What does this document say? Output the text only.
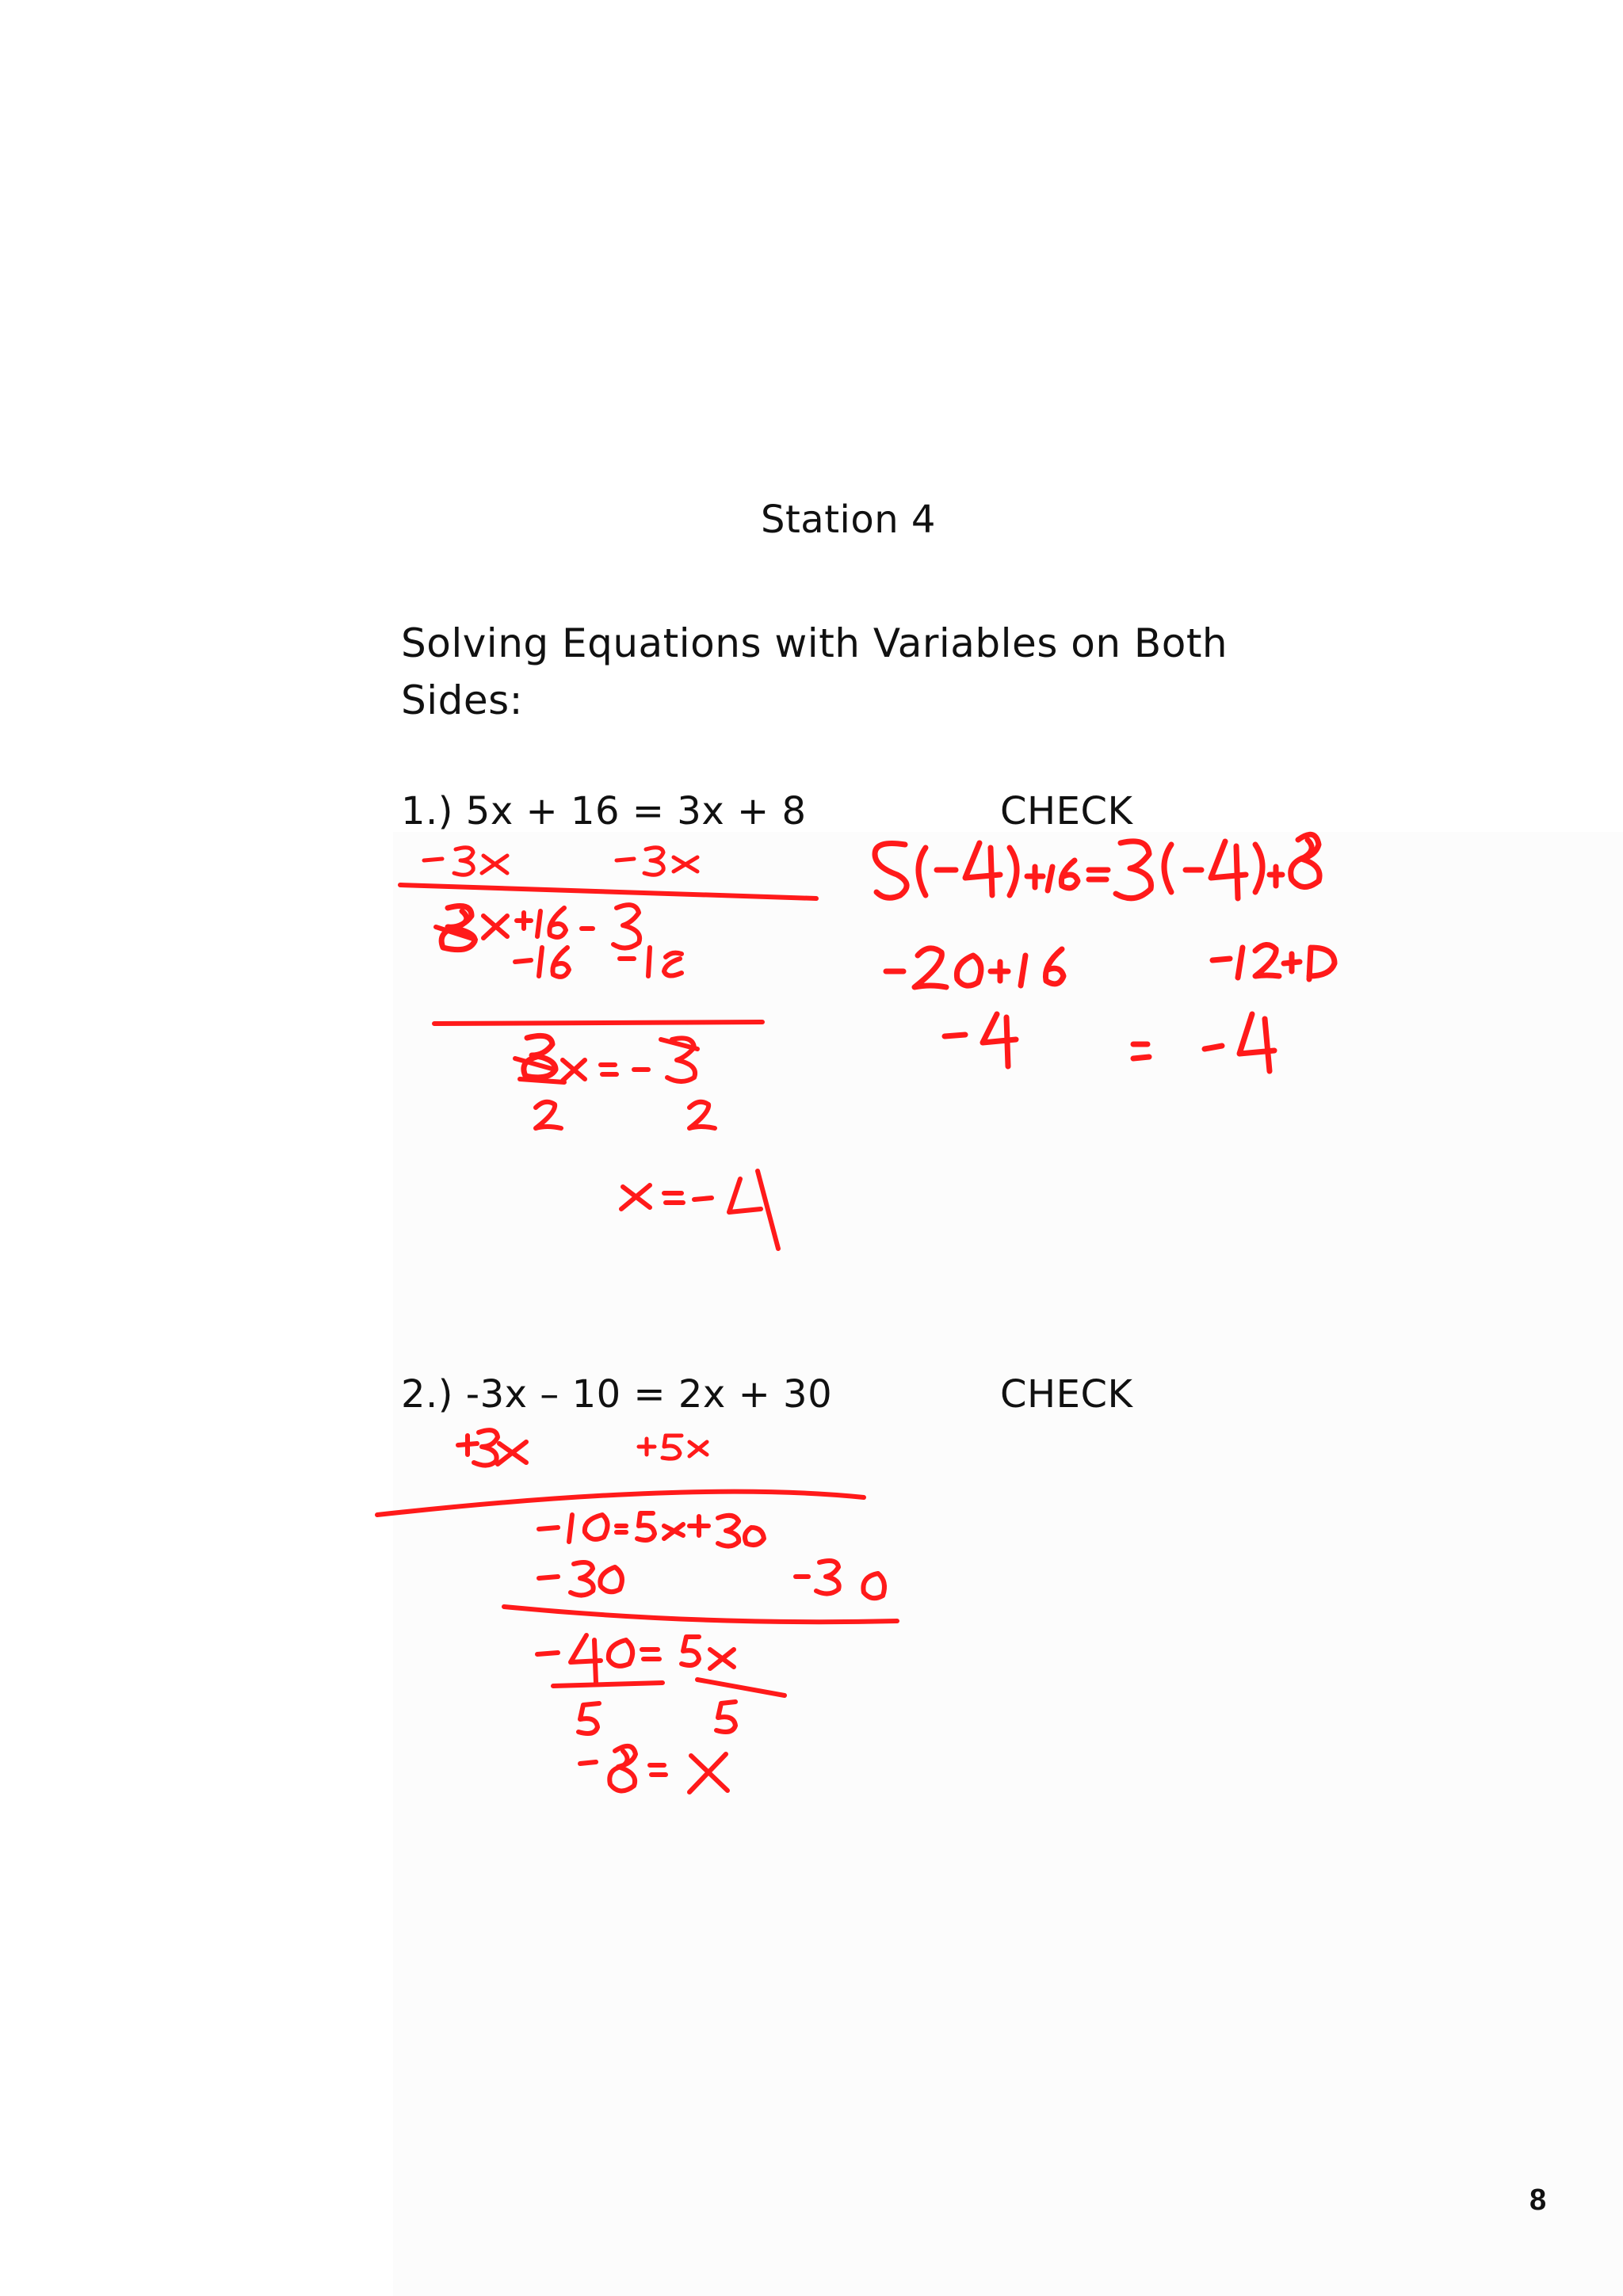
Station 4
Solving Equations with Variables on Both Sides:
1.) 5x + 16 = 3x + 8	CHECK
2.) -3x – 10 = 2x + 30	CHECK
8
